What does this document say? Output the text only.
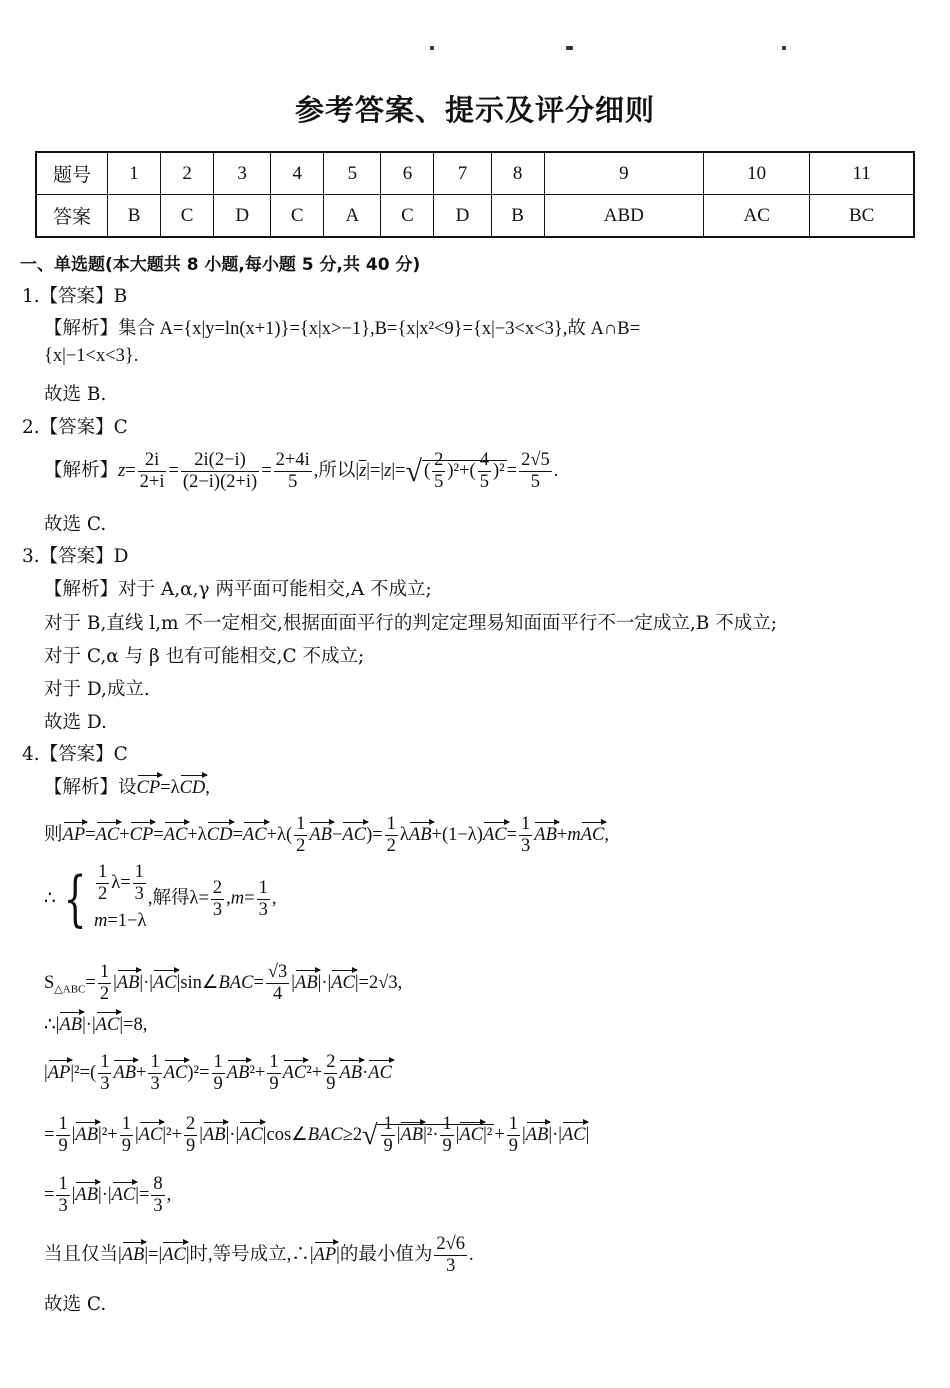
参考答案、提示及评分细则
题号	1	2	3	4	5	6	7	8	9	10	11
答案	B	C	D	C	A	C	D	B	ABD	AC	BC
一、单选题(本大题共 8 小题,每小题 5 分,共 40 分)
1.【答案】B
【解析】集合 A={x|y=ln(x+1)}={x|x>−1},B={x|x²<9}={x|−3<x<3},故 A∩B=
{x|−1<x<3}.
故选 B.
2.【答案】C
【解析】$z= \frac{2i}{2+i} = \frac{2i(2-i)}{(2-i)(2+i)} = \frac{2+4i}{5}$ ,所以$|\overline{z}|=|z|=√$ ( $\frac{2}{5} )^2+( \frac{4}{5} )^2 = \frac{2√5}{5}$ .
故选 C.
3.【答案】D
【解析】对于 A,α,γ 两平面可能相交,A 不成立;
对于 B,直线 l,m 不一定相交,根据面面平行的判定定理易知面面平行不一定成立,B 不成立;
对于 C,α 与 β 也有可能相交,C 不成立;
对于 D,成立.
故选 D.
4.【答案】C
【解析】设CP=λCD,
则$AP=AC+CP=AC+\lambda CD=AC+\lambda( \frac{1}{2} AB-AC)= \frac{1}{2} \lambda AB+(1-\lambda)AC= \frac{1}{3} AB+mAC$,
∴ { $\frac{1}{2} \lambda= \frac{1}{3}$
m=1−λ
,解得$\lambda= \frac{2}{3} ,m= \frac{1}{3}$ ,
$S_{\triangle ABC}= \frac{1}{2}$ |AB|·|AC|sin∠BAC= $\frac{√3}{4} |AB|\cdot|AC|=2√3$,
∴|AB|·|AC|=8,
$|AP|^2=( \frac{1}{3} AB+ \frac{1}{3} AC)^2= \frac{1}{9} AB^2+ \frac{1}{9} AC^2+ \frac{2}{9} AB\cdot AC$
= $\frac{1}{9} |AB|^2+ \frac{1}{9} |AC|^2+ \frac{2}{9}$ |AB|·|AC|cos∠BAC≥2√ $\frac{1}{9} |AB|^2\cdot \frac{1}{9} |AC|^2 + \frac{1}{9} |AB|\cdot|AC|$
= $\frac{1}{3} |AB|\cdot|AC|= \frac{8}{3}$ ,
当且仅当|AB|=|AC|时,等号成立,∴|AP|的最小值为 $\frac{2√6}{3}$ .
故选 C.
